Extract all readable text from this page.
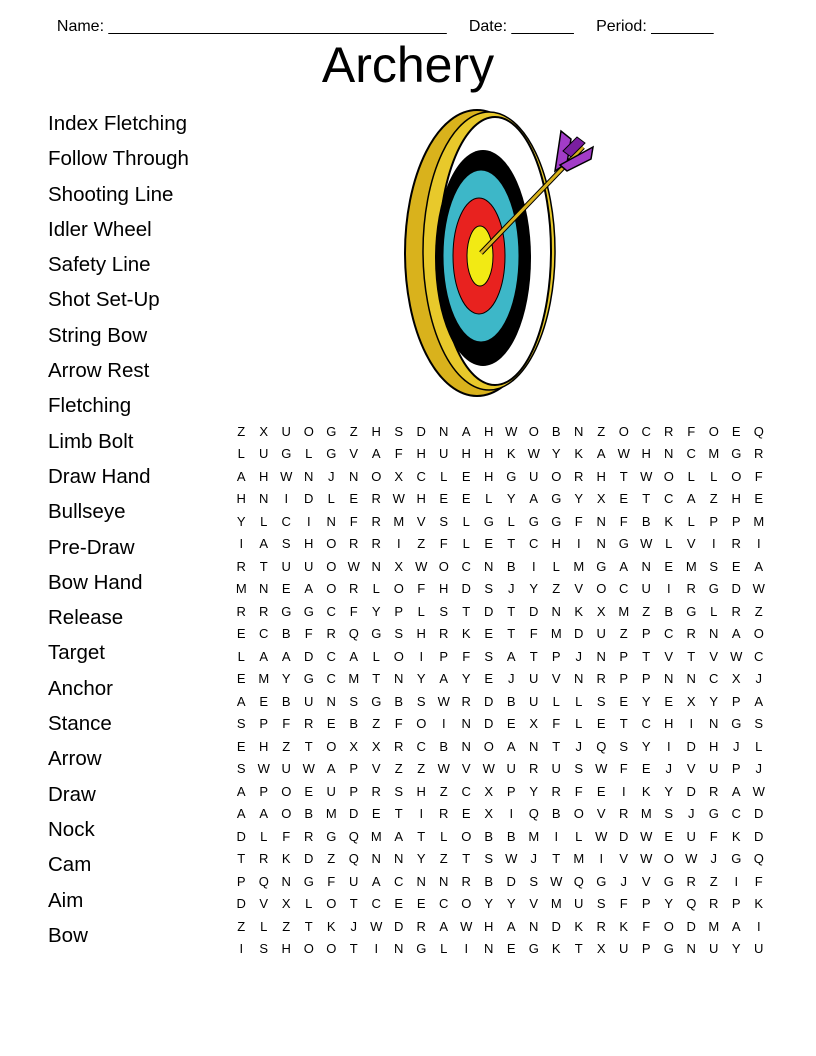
Name: ______________________________________ Date: _______ Period: _______

Archery
Index Fletching
Follow Through
Shooting Line
Idler Wheel
Safety Line
Shot Set-Up
String Bow
Arrow Rest
Fletching
Limb Bolt
Draw Hand
Bullseye
Pre-Draw
Bow Hand
Release
Target
Anchor
Stance
Arrow
Draw
Nock
Cam
Aim
Bow
Z	X	U O G	Z	H	S	D	N	A	H W O	B	N	Z	O C	R	F	O	E	Q
L	U G	L	G	V	A	F	H	U	H	H	K W Y	K	A W H	N	C M G R
A	H W N	J	N O	X	C	L	E	H G U O R	H	T W O	L	L	O	F
H	N	I	D	L	E	R W H	E	E	L	Y	A	G	Y	X	E	T	C	A	Z	H	E
Y	L	C	I	N	F	R M V	S	L	G	L	G G	F	N	F	B	K	L	P	P M
I	A	S	H O R	R	I	Z	F	L	E	T	C	H	I	N G W L	V	I	R	I
R	T	U	U O W N	X W O C	N	B	I	L	M G	A	N	E M S	E	A
M N	E	A	O R	L	O	F	H	D	S	J	Y	Z	V	O C	U	I	R G D W
R	R G G C	F	Y	P	L	S	T	D	T	D	N	K	X M	Z	B	G	L	R	Z
E	C	B	F	R Q G	S	H	R	K	E	T	F	M D	U	Z	P	C	R	N	A	O
L	A	A	D	C	A	L	O	I	P	F	S	A	T	P	J	N	P	T	V	T	V W C
E M Y	G C M	T	N	Y	A	Y	E	J	U	V	N	R	P	P	N	N	C	X	J
A	E	B	U	N	S	G	B	S W R	D	B	U	L	L	S	E	Y	E	X	Y	P	A
S	P	F	R	E	B	Z	F	O	I	N	D	E	X	F	L	E	T	C	H	I	N G	S
E	H	Z	T	O	X	X	R	C	B	N O	A	N	T	J	Q	S	Y	I	D	H	J	L
S W U W A	P	V	Z	Z W V W U	R	U	S W F	E	J	V	U	P	J
A	P	O	E	U	P	R	S	H	Z	C	X	P	Y	R	F	E	I	K	Y	D	R	A W
A	A	O	B M D	E	T	I	R	E	X	I	Q	B	O	V	R M S	J	G C	D
D	L	F	R G Q M A	T	L	O	B	B M	I	L W D W E	U	F	K	D
T	R	K	D	Z	Q N	N	Y	Z	T	S W	J	T	M	I	V W O W	J	G Q
P	Q N G	F	U	A	C	N	N	R	B	D	S W Q G	J	V	G R	Z	I	F
D	V	X	L	O	T	C	E	E	C O	Y	Y	V M U	S	F	P	Y	Q R	P	K
Z	L	Z	T	K	J	W D	R	A W H	A	N	D	K	R	K	F	O D M A	I
I	S	H O O	T	I	N G	L	I	N	E	G	K	T	X	U	P	G N	U	Y	U
